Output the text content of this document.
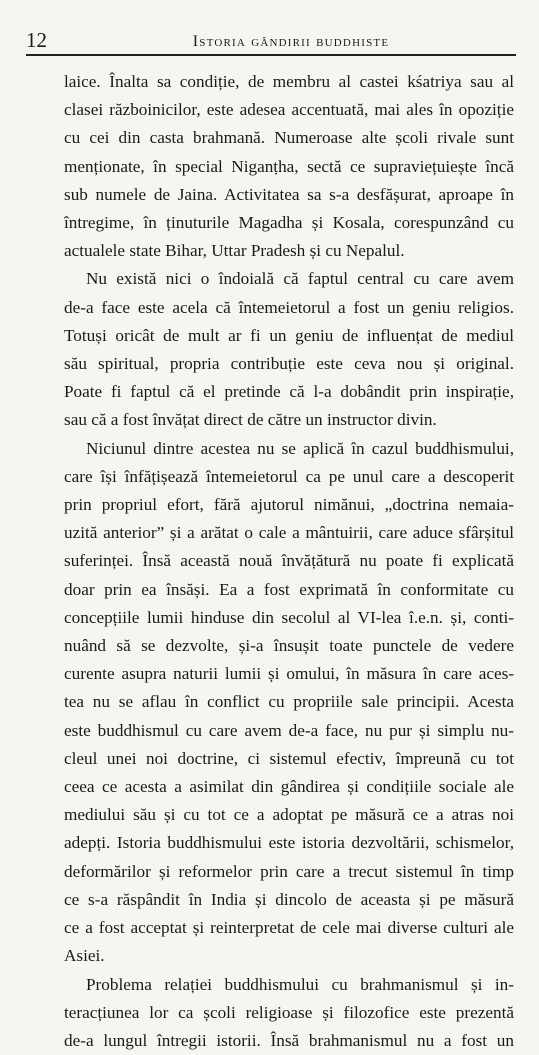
12	Istoria gândirii buddhiste
laice. Înalta sa condiție, de membru al castei kśatriya sau al
clasei războinicilor, este adesea accentuată, mai ales în opoziție
cu cei din casta brahmană. Numeroase alte școli rivale sunt
menționate, în special Niganṭha, sectă ce supraviețuiește încă
sub numele de Jaina. Activitatea sa s-a desfășurat, aproape în
întregime, în ținuturile Magadha și Kosala, corespunzând cu
actualele state Bihar, Uttar Pradesh și cu Nepalul.
Nu există nici o îndoială că faptul central cu care avem
de-a face este acela că întemeietorul a fost un geniu religios.
Totuși oricât de mult ar fi un geniu de influențat de mediul
său spiritual, propria contribuție este ceva nou și original.
Poate fi faptul că el pretinde că l-a dobândit prin inspirație,
sau că a fost învățat direct de către un instructor divin.
Niciunul dintre acestea nu se aplică în cazul buddhismului,
care își înfățișează întemeietorul ca pe unul care a descoperit
prin propriul efort, fără ajutorul nimănui, „doctrina nemaia-
uzită anterior” și a arătat o cale a mântuirii, care aduce sfârșitul
suferinței. Însă această nouă învățătură nu poate fi explicată
doar prin ea însăși. Ea a fost exprimată în conformitate cu
concepțiile lumii hinduse din secolul al VI-lea î.e.n. și, conti-
nuând să se dezvolte, și-a însușit toate punctele de vedere
curente asupra naturii lumii și omului, în măsura în care aces-
tea nu se aflau în conflict cu propriile sale principii. Acesta
este buddhismul cu care avem de-a face, nu pur și simplu nu-
cleul unei noi doctrine, ci sistemul efectiv, împreună cu tot
ceea ce acesta a asimilat din gândirea și condițiile sociale ale
mediului său și cu tot ce a adoptat pe măsură ce a atras noi
adepți. Istoria buddhismului este istoria dezvoltării, schismelor,
deformărilor și reformelor prin care a trecut sistemul în timp
ce s-a răspândit în India și dincolo de aceasta și pe măsură
ce a fost acceptat și reinterpretat de cele mai diverse culturi ale
Asiei.
Problema relației buddhismului cu brahmanismul și in-
teracțiunea lor ca școli religioase și filozofice este prezentă
de-a lungul întregii istorii. Însă brahmanismul nu a fost un
